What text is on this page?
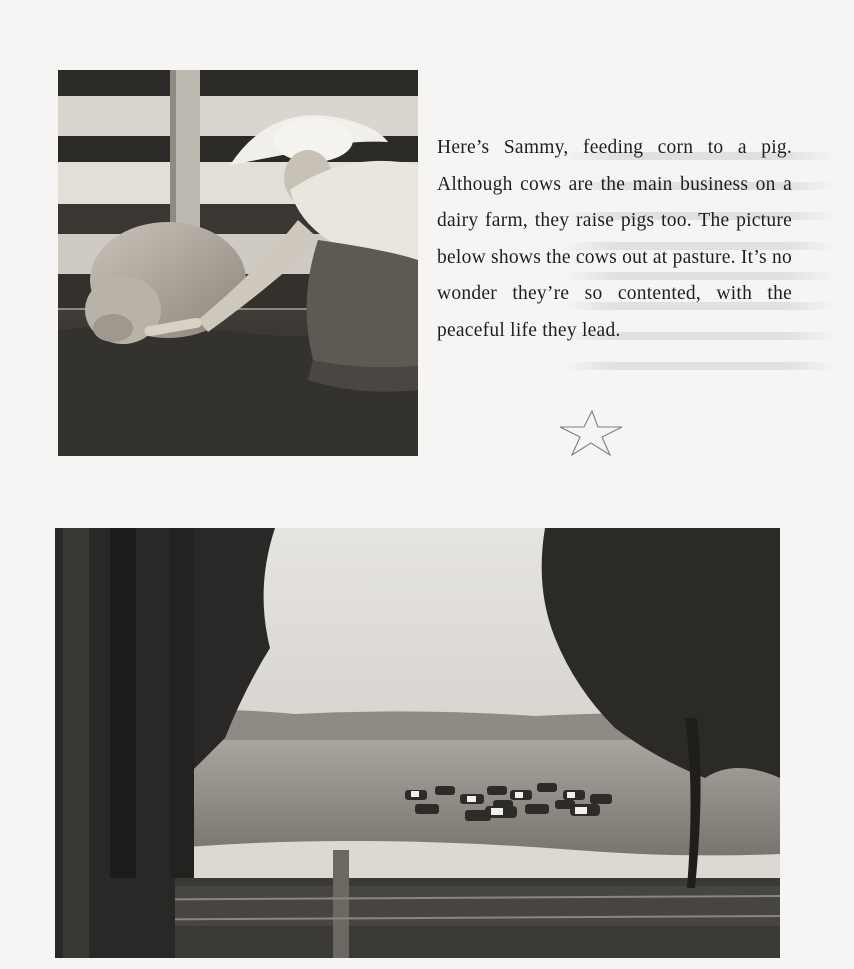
Here’s Sammy, feeding corn to a pig. Although cows are the main business on a dairy farm, they raise pigs too. The picture below shows the cows out at pasture. It’s no wonder they’re so contented, with the peaceful life they lead.
